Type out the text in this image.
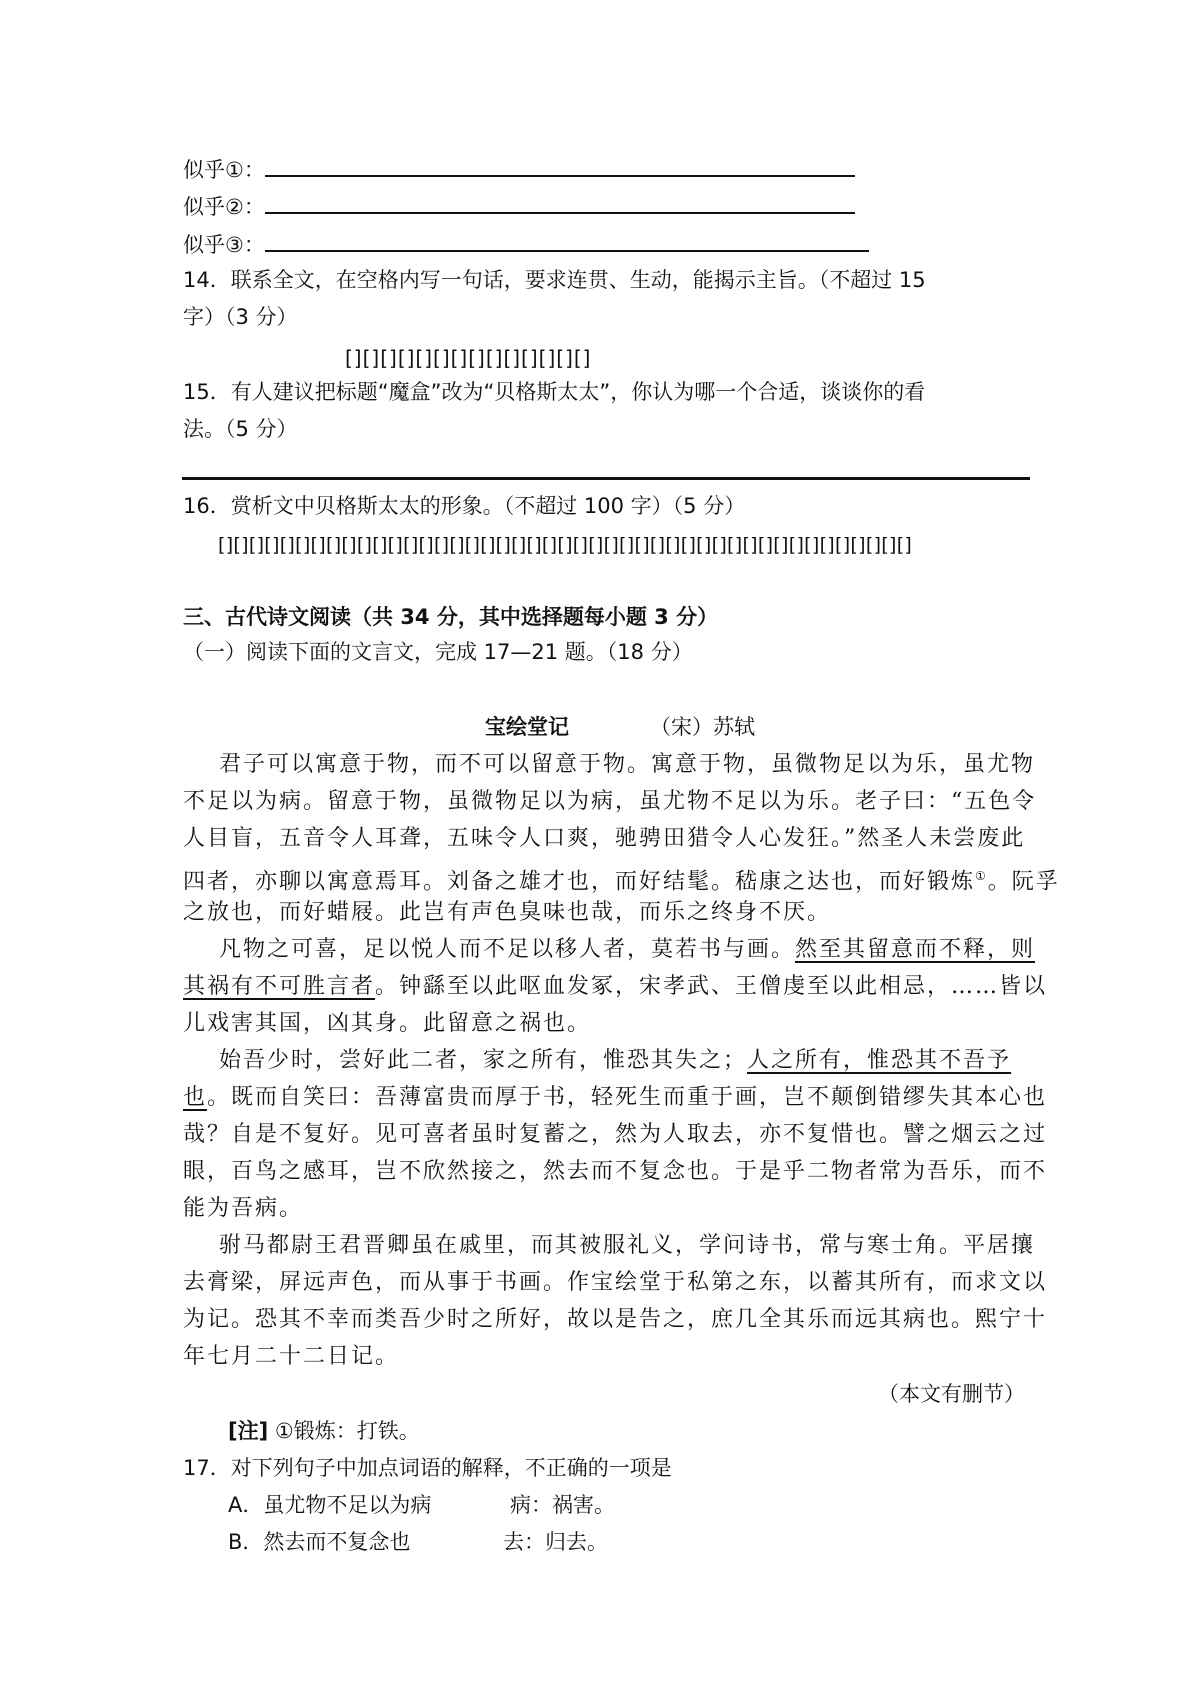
似乎①：
似乎②：
似乎③：
14．联系全文，在空格内写一句话，要求连贯、生动，能揭示主旨。（不超过 15
字）（3 分）
[][][][][][][][][][][][][][]
15．有人建议把标题“魔盒”改为“贝格斯太太”，你认为哪一个合适，谈谈你的看
法。（5 分）
16．赏析文中贝格斯太太的形象。（不超过 100 字）（5 分）
[][][][][][][][][][][][][][][][][][][][][][][][][][][][][][][][][][][][][][][][][][][][][]
三、古代诗文阅读（共 34 分，其中选择题每小题 3 分）
（一）阅读下面的文言文，完成 17—21 题。（18 分）
宝绘堂记	（宋）苏轼
君子可以寓意于物，而不可以留意于物。寓意于物，虽微物足以为乐，虽尤物
不足以为病。留意于物，虽微物足以为病，虽尤物不足以为乐。老子曰：“五色令
人目盲，五音令人耳聋，五味令人口爽，驰骋田猎令人心发狂。”然圣人未尝废此
四者，亦聊以寓意焉耳。刘备之雄才也，而好结髦。嵇康之达也，而好锻炼①。阮孚
之放也，而好蜡屐。此岂有声色臭味也哉，而乐之终身不厌。
凡物之可喜，足以悦人而不足以移人者，莫若书与画。然至其留意而不释，则
其祸有不可胜言者。钟繇至以此呕血发冢，宋孝武、王僧虔至以此相忌，……皆以
儿戏害其国，凶其身。此留意之祸也。
始吾少时，尝好此二者，家之所有，惟恐其失之；人之所有，惟恐其不吾予
也。既而自笑曰：吾薄富贵而厚于书，轻死生而重于画，岂不颠倒错缪失其本心也
哉？自是不复好。见可喜者虽时复蓄之，然为人取去，亦不复惜也。譬之烟云之过
眼，百鸟之感耳，岂不欣然接之，然去而不复念也。于是乎二物者常为吾乐，而不
能为吾病。
驸马都尉王君晋卿虽在戚里，而其被服礼义，学问诗书，常与寒士角。平居攘
去膏梁，屏远声色，而从事于书画。作宝绘堂于私第之东，以蓄其所有，而求文以
为记。恐其不幸而类吾少时之所好，故以是告之，庶几全其乐而远其病也。熙宁十
年七月二十二日记。
（本文有删节）
[注] ①锻炼：打铁。
17．对下列句子中加点词语的解释，不正确的一项是
A．虽尤物不足以为病	病：祸害。
B．然去而不复念也	去：归去。
